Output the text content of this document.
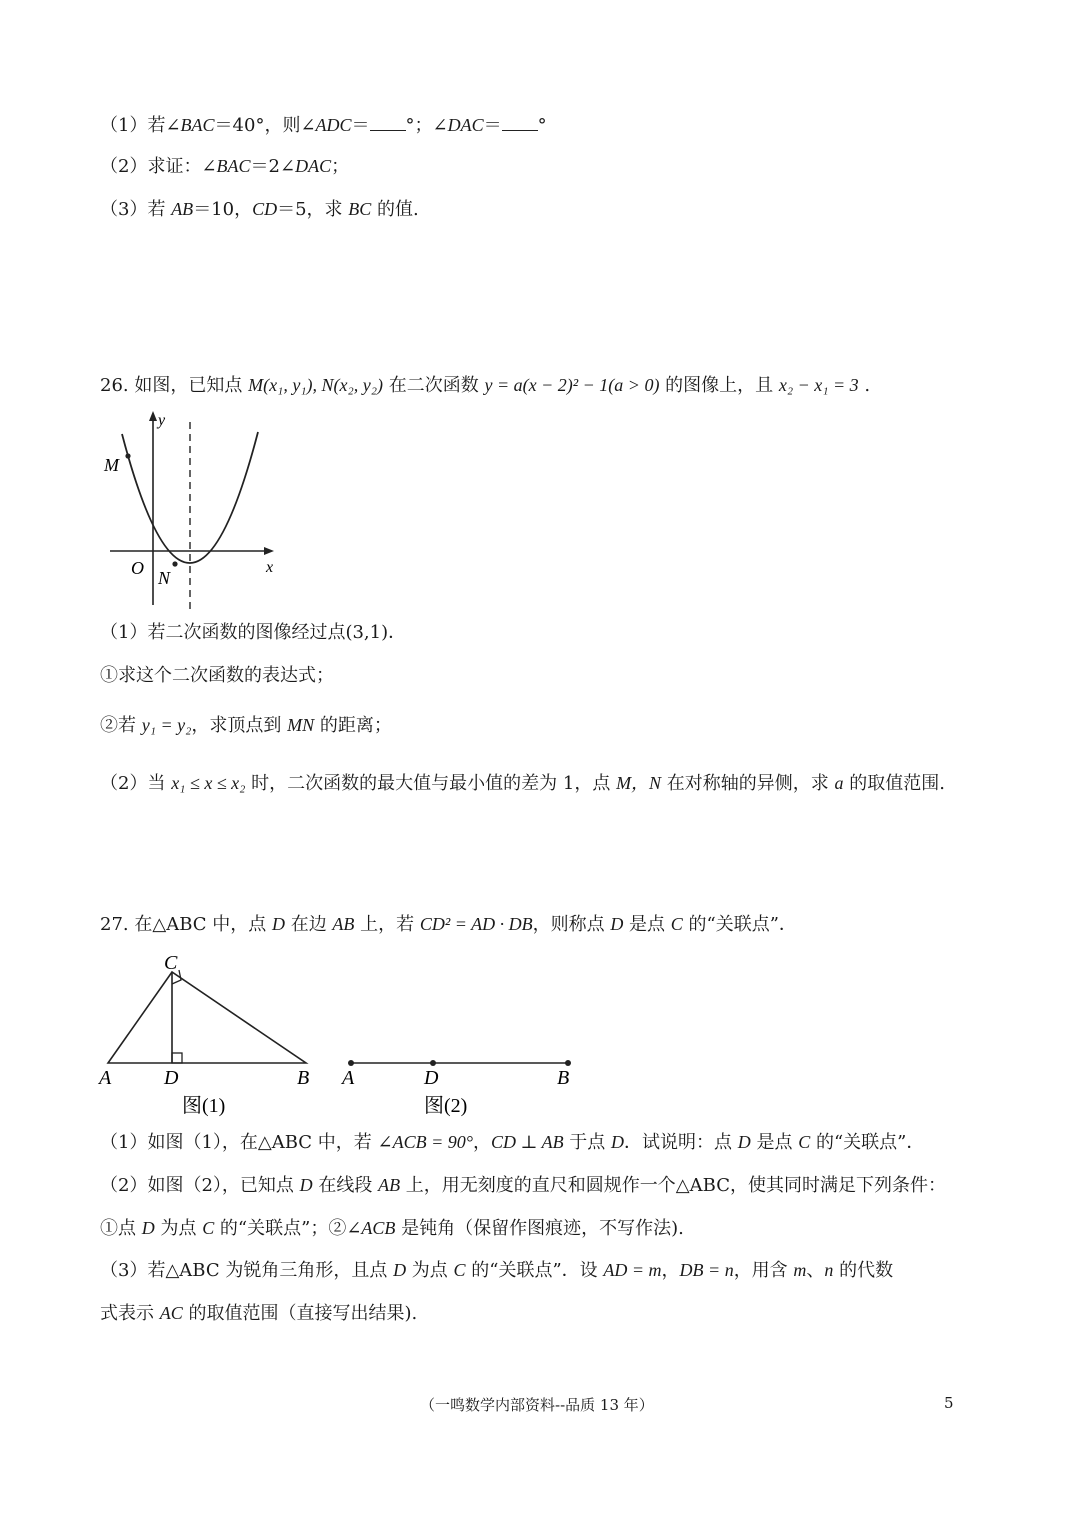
（1）若∠BAC＝40°，则∠ADC＝ °；∠DAC＝ °
（2）求证：∠BAC＝2∠DAC；
（3）若 AB＝10，CD＝5，求 BC 的值.
26. 如图，已知点 M(x₁, y₁), N(x₂, y₂) 在二次函数 y = a(x − 2)² − 1(a > 0) 的图像上，且 x₂ − x₁ = 3 .
y
x
O
M
N
（1）若二次函数的图像经过点(3,1)．
①求这个二次函数的表达式；
②若 y₁ = y₂，求顶点到 MN 的距离；
（2）当 x₁ ≤ x ≤ x₂ 时，二次函数的最大值与最小值的差为 1，点 M，N 在对称轴的异侧，求 a 的取值范围.
27. 在△ABC 中，点 D 在边 AB 上，若 CD² = AD · DB，则称点 D 是点 C 的“关联点”．
C
A	D	B
图(1)
A	D	B
图(2)
（1）如图（1），在△ABC 中，若 ∠ACB = 90°，CD ⊥ AB 于点 D．试说明：点 D 是点 C 的“关联点”．
（2）如图（2），已知点 D 在线段 AB 上，用无刻度的直尺和圆规作一个△ABC，使其同时满足下列条件：
①点 D 为点 C 的“关联点”；②∠ACB 是钝角（保留作图痕迹，不写作法).
（3）若△ABC 为锐角三角形，且点 D 为点 C 的“关联点”．设 AD = m，DB = n，用含 m、n 的代数
式表示 AC 的取值范围（直接写出结果).
（一鸣数学内部资料--品质 13 年）	5
